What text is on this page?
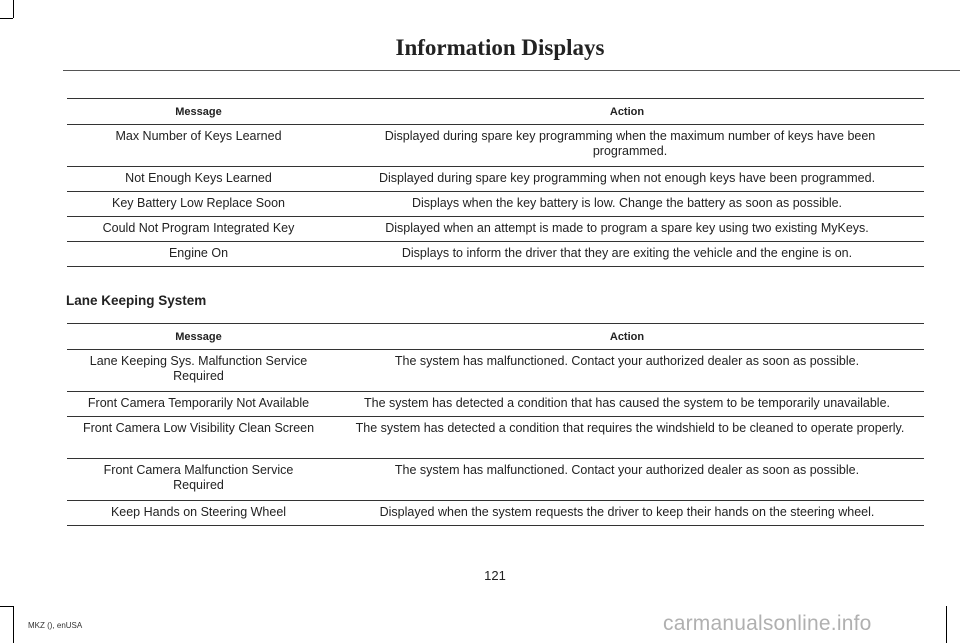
Information Displays
Message	Action
Max Number of Keys Learned	Displayed during spare key programming when the maximum number of keys have been programmed.
Not Enough Keys Learned	Displayed during spare key programming when not enough keys have been programmed.
Key Battery Low Replace Soon	Displays when the key battery is low. Change the battery as soon as possible.
Could Not Program Integrated Key	Displayed when an attempt is made to program a spare key using two existing MyKeys.
Engine On	Displays to inform the driver that they are exiting the vehicle and the engine is on.
Lane Keeping System
Message	Action
Lane Keeping Sys. Malfunction Service Required	The system has malfunctioned. Contact your authorized dealer as soon as possible.
Front Camera Temporarily Not Available	The system has detected a condition that has caused the system to be temporarily unavailable.
Front Camera Low Visibility Clean Screen	The system has detected a condition that requires the windshield to be cleaned to operate properly.
Front Camera Malfunction Service Required	The system has malfunctioned. Contact your authorized dealer as soon as possible.
Keep Hands on Steering Wheel	Displayed when the system requests the driver to keep their hands on the steering wheel.
121
MKZ (), enUSA	carmanualsonline.info
